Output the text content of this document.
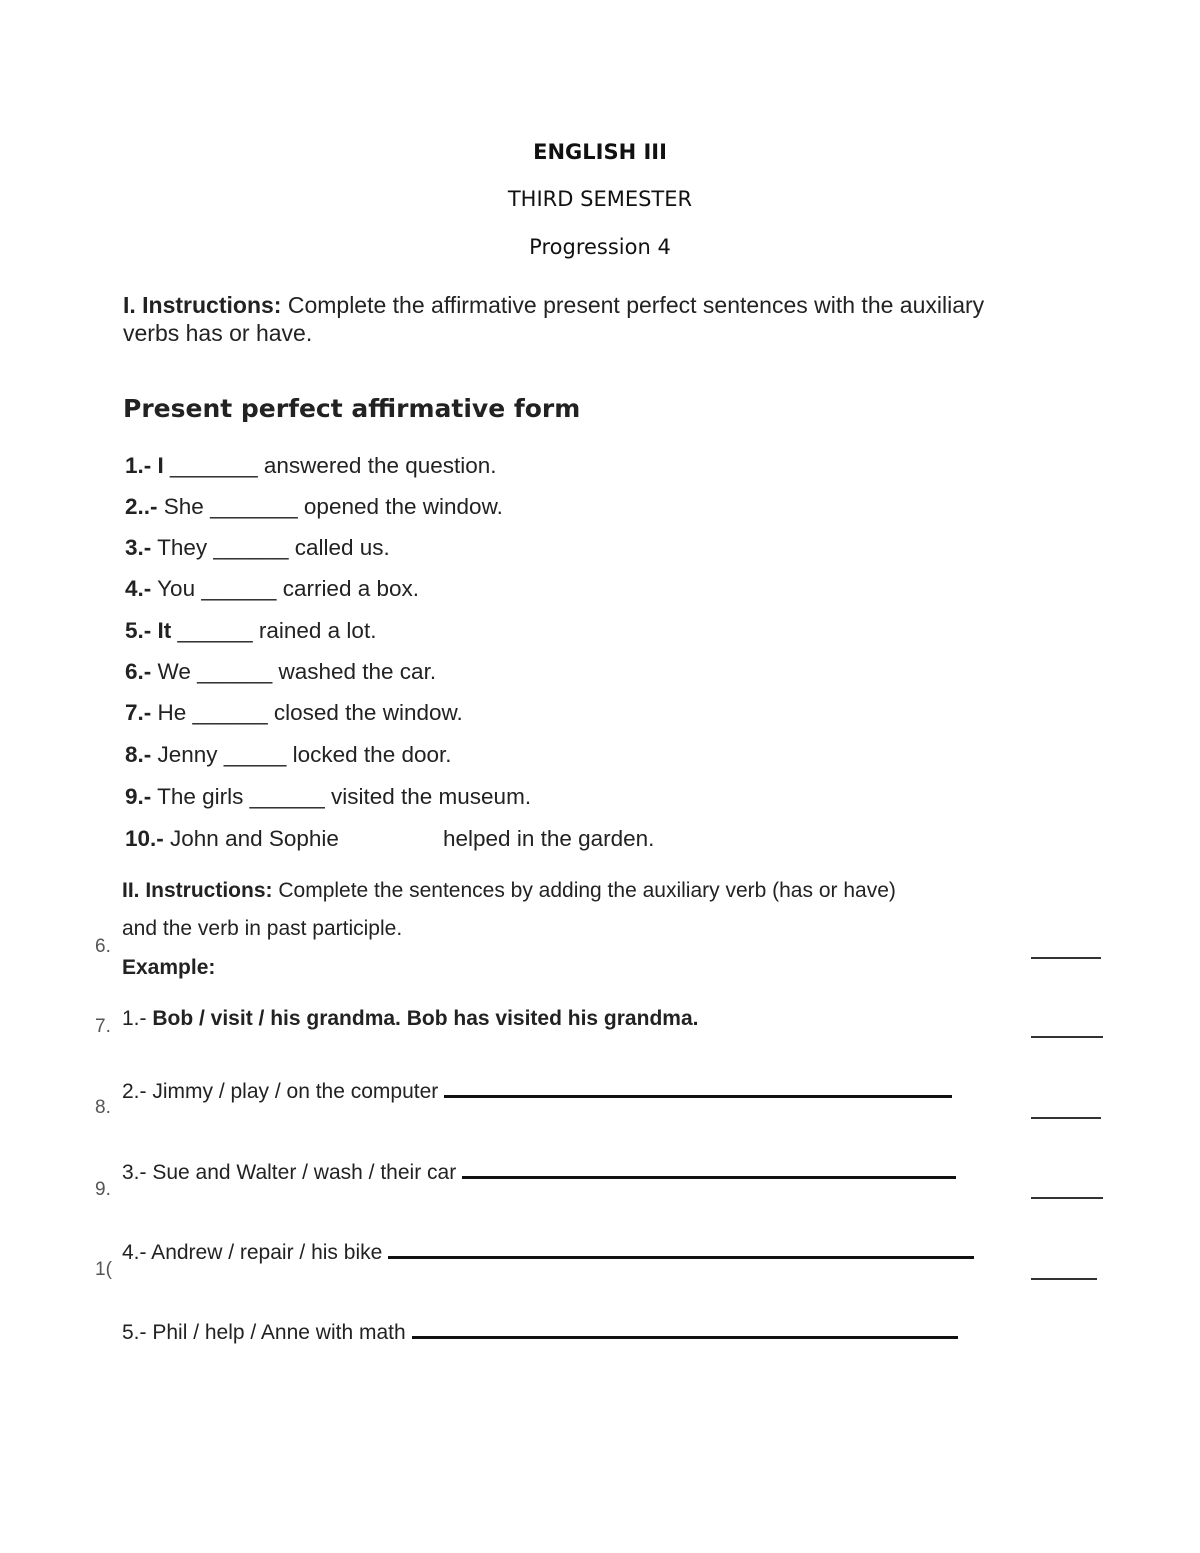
ENGLISH III
THIRD SEMESTER
Progression 4
I. Instructions: Complete the affirmative present perfect sentences with the auxiliary
verbs has or have.
Present perfect affirmative form
1.- I _______ answered the question.
2..- She _______ opened the window.
3.- They ______ called us.
4.- You ______ carried a box.
5.- It ______ rained a lot.
6.- We ______ washed the car.
7.- He ______ closed the window.
8.- Jenny _____ locked the door.
9.- The girls ______ visited the museum.
10.- John and Sophie	helped in the garden.
II. Instructions: Complete the sentences by adding the auxiliary verb (has or have)
and the verb in past participle.
Example:
1.- Bob / visit / his grandma. Bob has visited his grandma.
2.- Jimmy / play / on the computer
3.- Sue and Walter / wash / their car
4.- Andrew / repair / his bike
5.- Phil / help / Anne with math
6.
7.
8.
9.
1(
